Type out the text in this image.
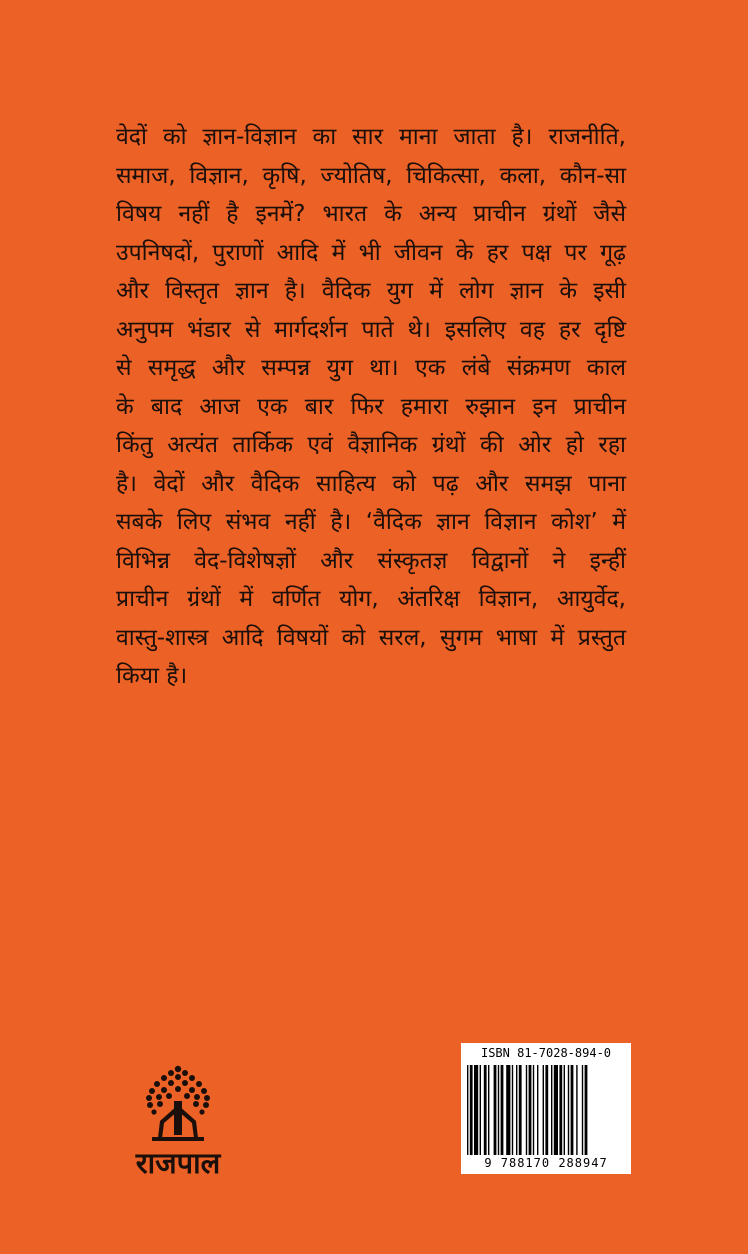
वेदों को ज्ञान-विज्ञान का सार माना जाता है। राजनीति,
समाज, विज्ञान, कृषि, ज्योतिष, चिकित्सा, कला, कौन-सा
विषय नहीं है इनमें? भारत के अन्य प्राचीन ग्रंथों जैसे
उपनिषदों, पुराणों आदि में भी जीवन के हर पक्ष पर गूढ़
और विस्तृत ज्ञान है। वैदिक युग में लोग ज्ञान के इसी
अनुपम भंडार से मार्गदर्शन पाते थे। इसलिए वह हर दृष्टि
से समृद्ध और सम्पन्न युग था। एक लंबे संक्रमण काल
के बाद आज एक बार फिर हमारा रुझान इन प्राचीन
किंतु अत्यंत तार्किक एवं वैज्ञानिक ग्रंथों की ओर हो रहा
है। वेदों और वैदिक साहित्य को पढ़ और समझ पाना
सबके लिए संभव नहीं है। ‘वैदिक ज्ञान विज्ञान कोश’ में
विभिन्न वेद-विशेषज्ञों और संस्कृतज्ञ विद्वानों ने इन्हीं
प्राचीन ग्रंथों में वर्णित योग, अंतरिक्ष विज्ञान, आयुर्वेद,
वास्तु-शास्त्र आदि विषयों को सरल, सुगम भाषा में प्रस्तुत
किया है।
राजपाल
ISBN 81-7028-894-0
9 788170 288947
